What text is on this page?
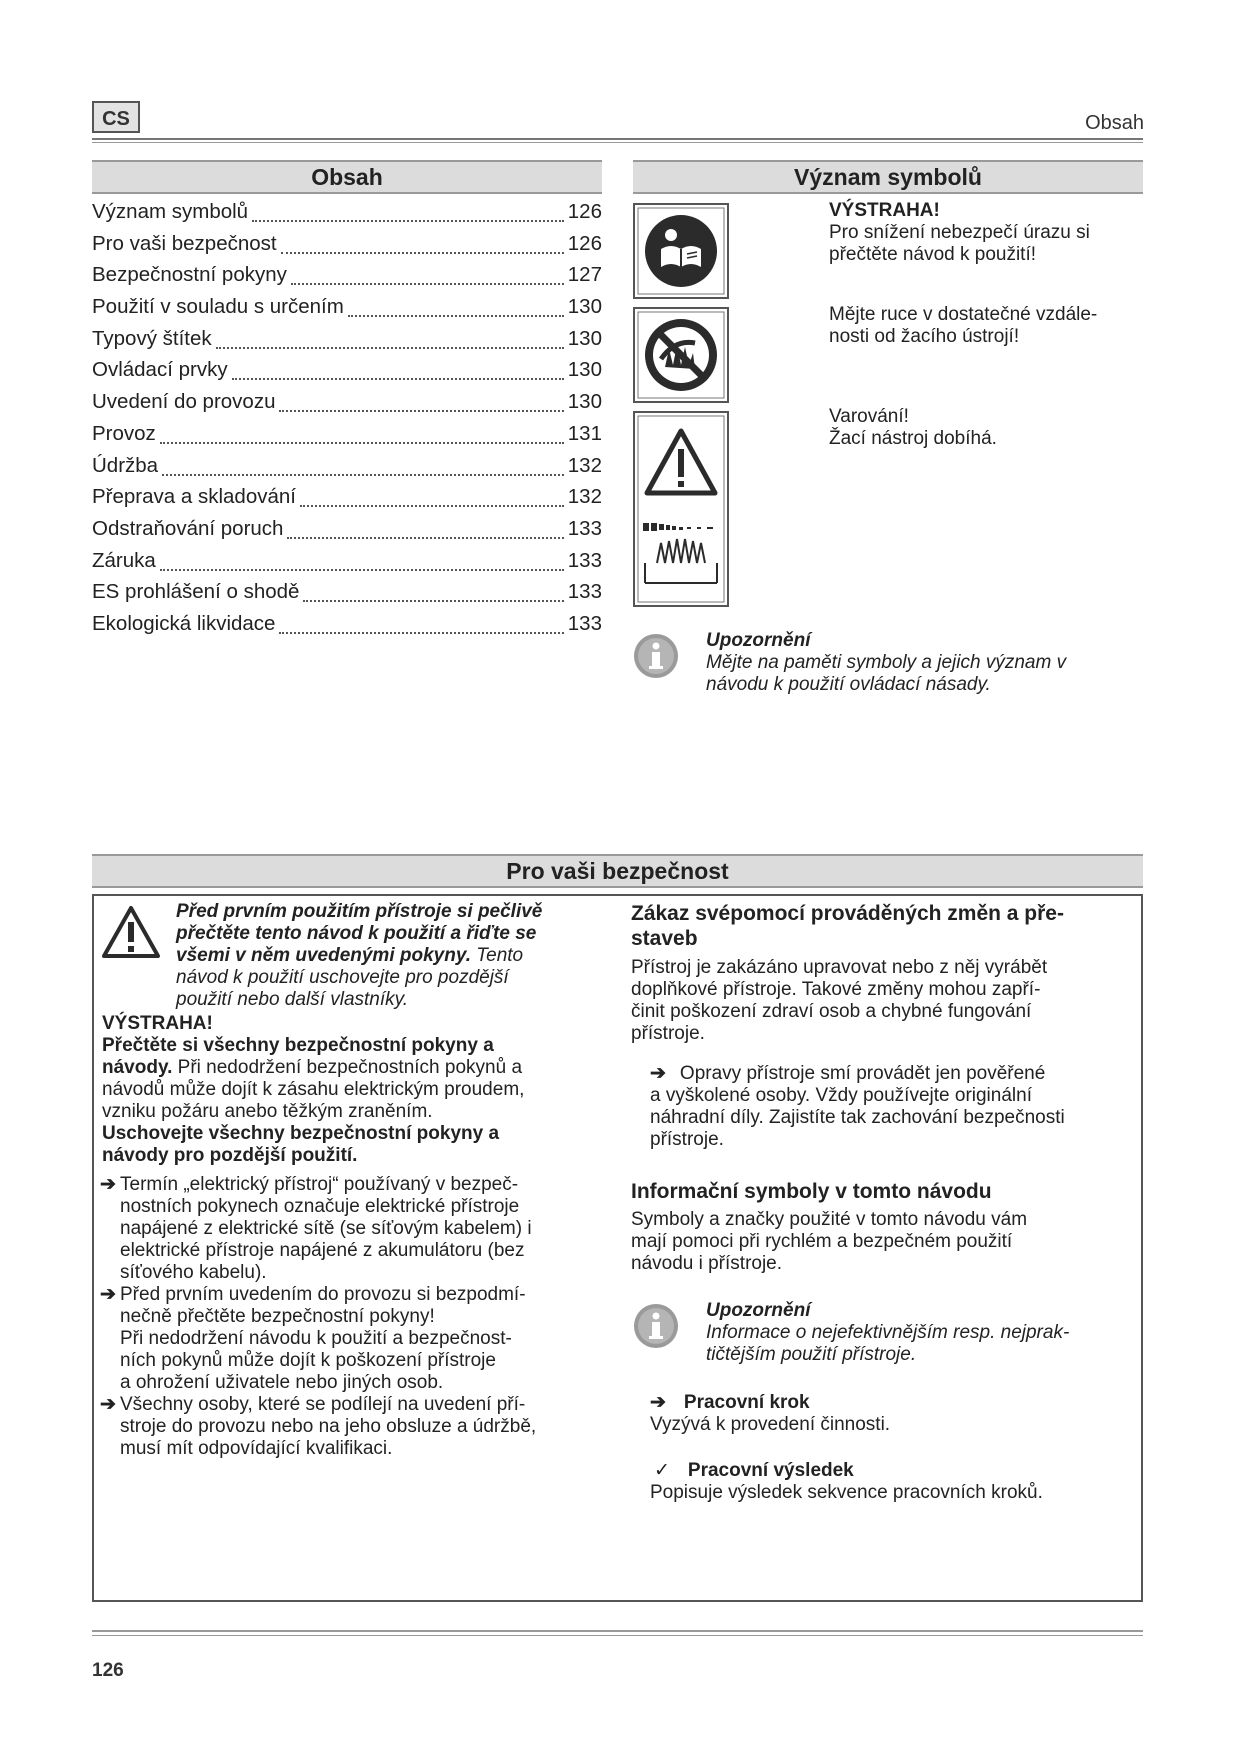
CS	Obsah
Obsah
Význam symbolů	126
Pro vaši bezpečnost	126
Bezpečnostní pokyny	127
Použití v souladu s určením	130
Typový štítek	130
Ovládací prvky	130
Uvedení do provozu	130
Provoz	131
Údržba	132
Přeprava a skladování	132
Odstraňování poruch	133
Záruka	133
ES prohlášení o shodě	133
Ekologická likvidace	133
Význam symbolů
VÝSTRAHA!
Pro snížení nebezpečí úrazu si
přečtěte návod k použití!
Mějte ruce v dostatečné vzdále-
nosti od žacího ústrojí!
Varování!
Žací nástroj dobíhá.
Upozornění
Mějte na paměti symboly a jejich význam v
návodu k použití ovládací násady.
Pro vaši bezpečnost
Před prvním použitím přístroje si pečlivě
přečtěte tento návod k použití a řiďte se
všemi v něm uvedenými pokyny. Tento
návod k použití uschovejte pro pozdější
použití nebo další vlastníky.
VÝSTRAHA!
Přečtěte si všechny bezpečnostní pokyny a
návody. Při nedodržení bezpečnostních pokynů a
návodů může dojít k zásahu elektrickým proudem,
vzniku požáru anebo těžkým zraněním.
Uschovejte všechny bezpečnostní pokyny a
návody pro pozdější použití.
➔ Termín „elektrický přístroj“ používaný v bezpeč-
nostních pokynech označuje elektrické přístroje
napájené z elektrické sítě (se síťovým kabelem) i
elektrické přístroje napájené z akumulátoru (bez
síťového kabelu).
➔ Před prvním uvedením do provozu si bezpodmí-
nečně přečtěte bezpečnostní pokyny!
Při nedodržení návodu k použití a bezpečnost-
ních pokynů může dojít k poškození přístroje
a ohrožení uživatele nebo jiných osob.
➔ Všechny osoby, které se podílejí na uvedení pří-
stroje do provozu nebo na jeho obsluze a údržbě,
musí mít odpovídající kvalifikaci.
Zákaz svépomocí prováděných změn a pře-
staveb
Přístroj je zakázáno upravovat nebo z něj vyrábět
doplňkové přístroje. Takové změny mohou zapří-
činit poškození zdraví osob a chybné fungování
přístroje.
➔ Opravy přístroje smí provádět jen pověřené
a vyškolené osoby. Vždy používejte originální
náhradní díly. Zajistíte tak zachování bezpečnosti
přístroje.
Informační symboly v tomto návodu
Symboly a značky použité v tomto návodu vám
mají pomoci při rychlém a bezpečném použití
návodu i přístroje.
Upozornění
Informace o nejefektivnějším resp. nejprak-
tičtějším použití přístroje.
➔ Pracovní krok
Vyzývá k provedení činnosti.
✓ Pracovní výsledek
Popisuje výsledek sekvence pracovních kroků.
126
